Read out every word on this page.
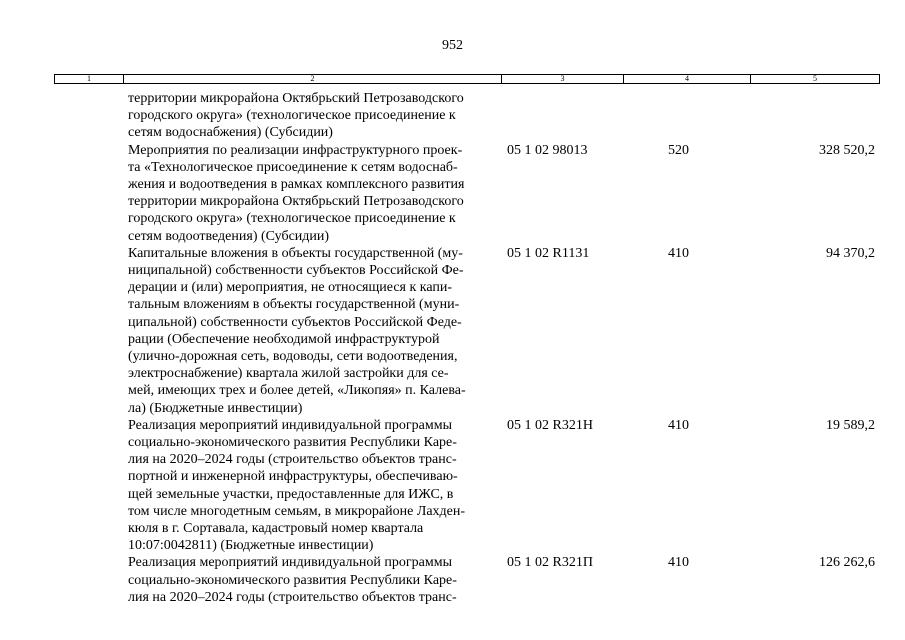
952
1	2	3	4	5
территории микрорайона Октябрьский Петрозаводского
городского округа» (технологическое присоединение к
сетям водоснабжения) (Субсидии)
Мероприятия по реализации инфраструктурного проек-
та «Технологическое присоединение к сетям водоснаб-
жения и водоотведения в рамках комплексного развития
территории микрорайона Октябрьский Петрозаводского
городского округа» (технологическое присоединение к
сетям водоотведения) (Субсидии)
05 1 02 98013	520	328 520,2
Капитальные вложения в объекты государственной (му-
ниципальной) собственности субъектов Российской Фе-
дерации и (или) мероприятия, не относящиеся к капи-
тальным вложениям в объекты государственной (муни-
ципальной) собственности субъектов Российской Феде-
рации (Обеспечение необходимой инфраструктурой
(улично-дорожная сеть, водоводы, сети водоотведения,
электроснабжение) квартала жилой застройки для се-
мей, имеющих трех и более детей, «Ликопяя» п. Калева-
ла) (Бюджетные инвестиции)
05 1 02 R1131	410	94 370,2
Реализация мероприятий индивидуальной программы
социально-экономического развития Республики Каре-
лия на 2020–2024 годы (строительство объектов транс-
портной и инженерной инфраструктуры, обеспечиваю-
щей земельные участки, предоставленные для ИЖС, в
том числе многодетным семьям, в микрорайоне Лахден-
кюля в г. Сортавала, кадастровый номер квартала
10:07:0042811) (Бюджетные инвестиции)
05 1 02 R321Н	410	19 589,2
Реализация мероприятий индивидуальной программы
социально-экономического развития Республики Каре-
лия на 2020–2024 годы (строительство объектов транс-
05 1 02 R321П	410	126 262,6
